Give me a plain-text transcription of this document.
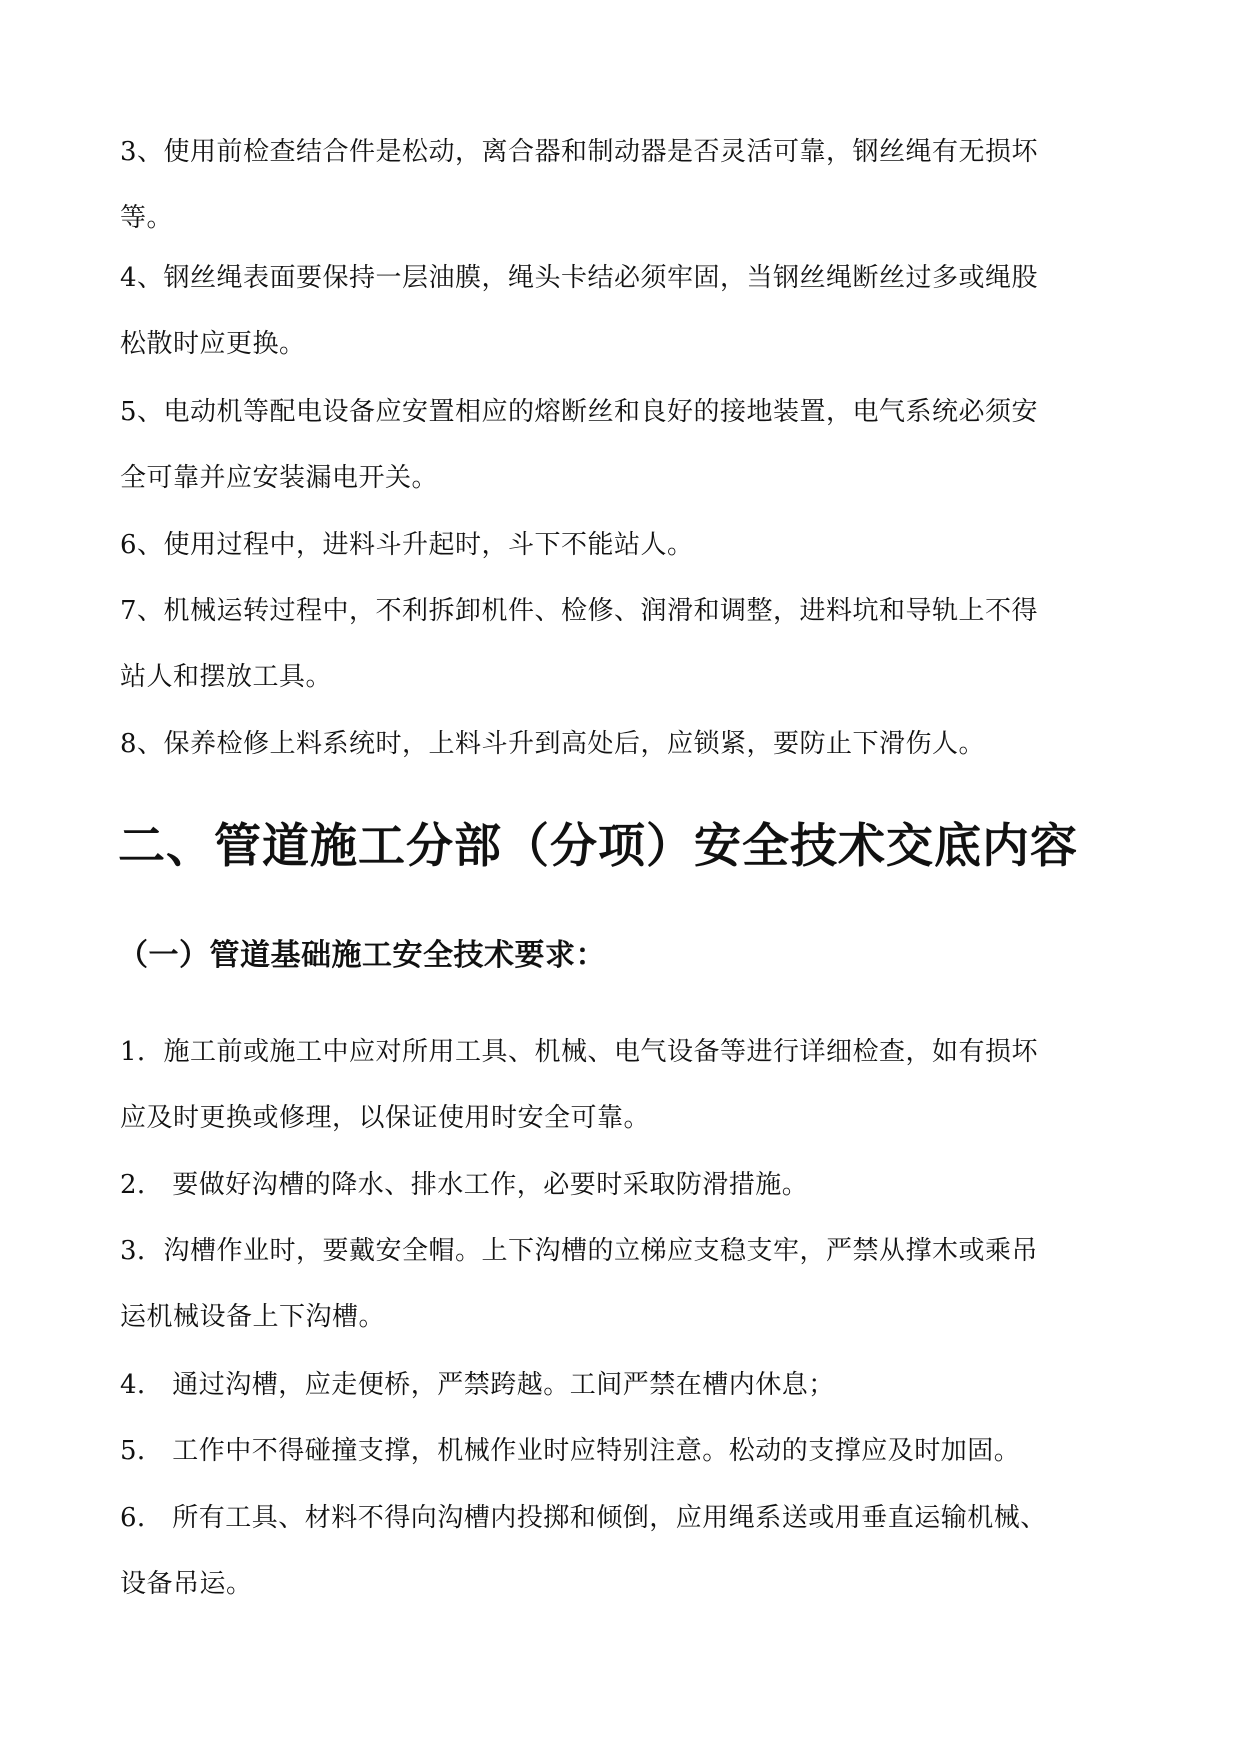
3、使用前检查结合件是松动，离合器和制动器是否灵活可靠，钢丝绳有无损坏
等。
4、钢丝绳表面要保持一层油膜，绳头卡结必须牢固，当钢丝绳断丝过多或绳股
松散时应更换。
5、电动机等配电设备应安置相应的熔断丝和良好的接地装置，电气系统必须安
全可靠并应安装漏电开关。
6、使用过程中，进料斗升起时，斗下不能站人。
7、机械运转过程中，不利拆卸机件、检修、润滑和调整，进料坑和导轨上不得
站人和摆放工具。
8、保养检修上料系统时，上料斗升到高处后，应锁紧，要防止下滑伤人。
二、管道施工分部（分项）安全技术交底内容
（一）管道基础施工安全技术要求：
1．施工前或施工中应对所用工具、机械、电气设备等进行详细检查，如有损坏
应及时更换或修理，以保证使用时安全可靠。
2． 要做好沟槽的降水、排水工作，必要时采取防滑措施。
3．沟槽作业时，要戴安全帽。上下沟槽的立梯应支稳支牢，严禁从撑木或乘吊
运机械设备上下沟槽。
4． 通过沟槽，应走便桥，严禁跨越。工间严禁在槽内休息；
5． 工作中不得碰撞支撑，机械作业时应特别注意。松动的支撑应及时加固。
6． 所有工具、材料不得向沟槽内投掷和倾倒，应用绳系送或用垂直运输机械、
设备吊运。
